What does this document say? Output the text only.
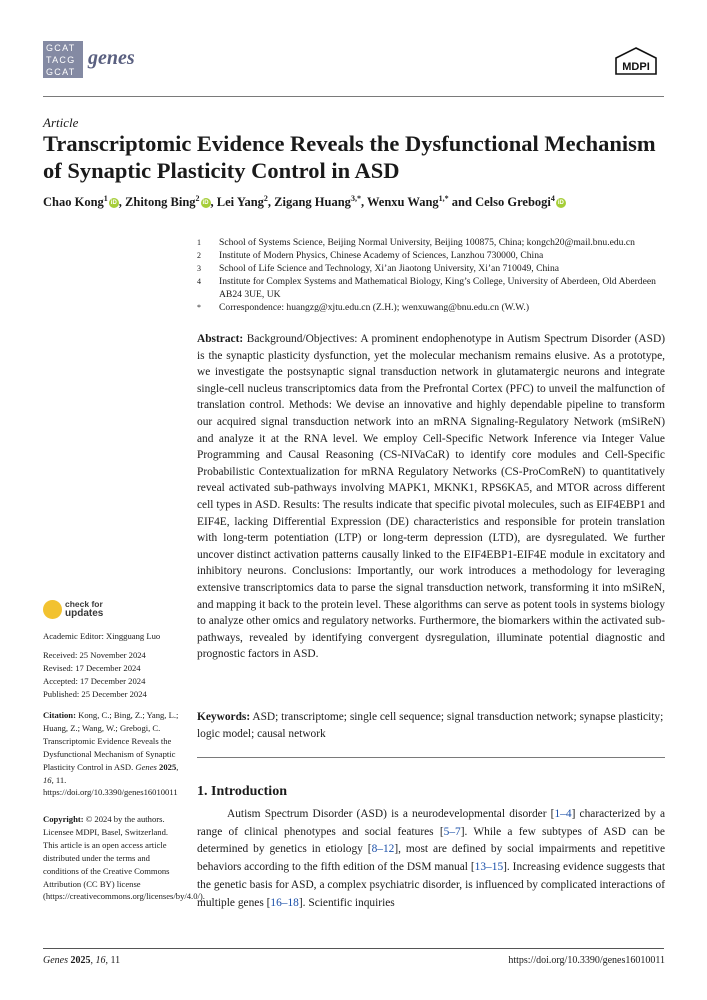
GCAT
TACG
GCAT
genes	MDPI
Article
Transcriptomic Evidence Reveals the Dysfunctional Mechanism of Synaptic Plasticity Control in ASD
Chao Kong$^1$iD , Zhitong Bing$^2$iD , Lei Yang$^2$, Zigang Huang$^{3,*}$, Wenxu Wang$^{1,*}$ and Celso Grebogi$^4$iD
1	School of Systems Science, Beijing Normal University, Beijing 100875, China; kongch20@mail.bnu.edu.cn
2	Institute of Modern Physics, Chinese Academy of Sciences, Lanzhou 730000, China
3	School of Life Science and Technology, Xi’an Jiaotong University, Xi’an 710049, China
4	Institute for Complex Systems and Mathematical Biology, King’s College, University of Aberdeen, Old Aberdeen AB24 3UE, UK
*	Correspondence: huangzg@xjtu.edu.cn (Z.H.); wenxuwang@bnu.edu.cn (W.W.)
Abstract: Background/Objectives: A prominent endophenotype in Autism Spectrum Disorder (ASD) is the synaptic plasticity dysfunction, yet the molecular mechanism remains elusive. As a prototype, we investigate the postsynaptic signal transduction network in glutamatergic neurons and integrate single-cell nucleus transcriptomics data from the Prefrontal Cortex (PFC) to unveil the malfunction of translation control. Methods: We devise an innovative and highly dependable pipeline to transform our acquired signal transduction network into an mRNA Signaling-Regulatory Network (mSiReN) and analyze it at the RNA level. We employ Cell-Specific Network Inference via Integer Value Programming and Causal Reasoning (CS-NIVaCaR) to identify core modules and Cell-Specific Probabilistic Contextualization for mRNA Regulatory Networks (CS-ProComReN) to quantitatively reveal activated sub-pathways involving MAPK1, MKNK1, RPS6KA5, and MTOR across different cell types in ASD. Results: The results indicate that specific pivotal molecules, such as EIF4EBP1 and EIF4E, lacking Differential Expression (DE) characteristics and responsible for protein translation with long-term potentiation (LTP) or long-term depression (LTD), are dysregulated. We further uncover distinct activation patterns causally linked to the EIF4EBP1-EIF4E module in excitatory and inhibitory neurons. Conclusions: Importantly, our work introduces a methodology for leveraging extensive transcriptomics data to parse the signal transduction network, transforming it into mSiReN, and mapping it back to the protein level. These algorithms can serve as potent tools in systems biology to analyze other omics and regulatory networks. Furthermore, the biomarkers within the activated sub-pathways, revealed by identifying convergent dysregulation, illuminate potential diagnostic and prognostic factors in ASD.
Keywords: ASD; transcriptome; single cell sequence; signal transduction network; synapse plasticity; logic model; causal network
1. Introduction
Autism Spectrum Disorder (ASD) is a neurodevelopmental disorder [1–4] characterized by a range of clinical phenotypes and social features [5–7]. While a few subtypes of ASD can be determined by genetics in etiology [8–12], most are defined by social impairments and repetitive behaviors according to the fifth edition of the DSM manual [13–15]. Increasing evidence suggests that the genetic basis for ASD, a complex psychiatric disorder, is influenced by complicated interactions of multiple genes [16–18]. Scientific inquiries
check for
updates
Academic Editor: Xingguang Luo
Received: 25 November 2024
Revised: 17 December 2024
Accepted: 17 December 2024
Published: 25 December 2024
Citation: Kong, C.; Bing, Z.; Yang, L.; Huang, Z.; Wang, W.; Grebogi, C. Transcriptomic Evidence Reveals the Dysfunctional Mechanism of Synaptic Plasticity Control in ASD. Genes 2025, 16, 11. https://doi.org/10.3390/genes16010011
Copyright: © 2024 by the authors. Licensee MDPI, Basel, Switzerland. This article is an open access article distributed under the terms and conditions of the Creative Commons Attribution (CC BY) license (https://creativecommons.org/licenses/by/4.0/).
Genes 2025, 16, 11	https://doi.org/10.3390/genes16010011
